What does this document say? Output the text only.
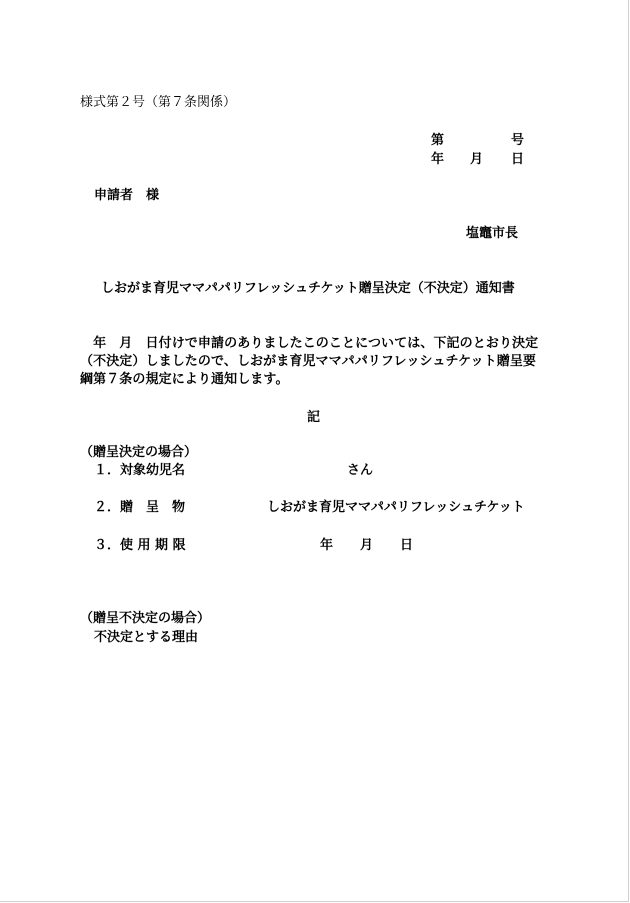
様式第２号（第７条関係）
第	号
年 月 日
申請者　様
塩竈市長
しおがま育児ママパパリフレッシュチケット贈呈決定（不決定）通知書
　年　月　日付けで申請のありましたこのことについては、下記のとおり決定
（不決定）しましたので、しおがま育児ママパパリフレッシュチケット贈呈要
綱第７条の規定により通知します。
記
（贈呈決定の場合）
１．対象幼児名	さん
２．贈　呈　物	しおがま育児ママパパリフレッシュチケット
３．使 用 期 限	年 月 日
（贈呈不決定の場合）
不決定とする理由
